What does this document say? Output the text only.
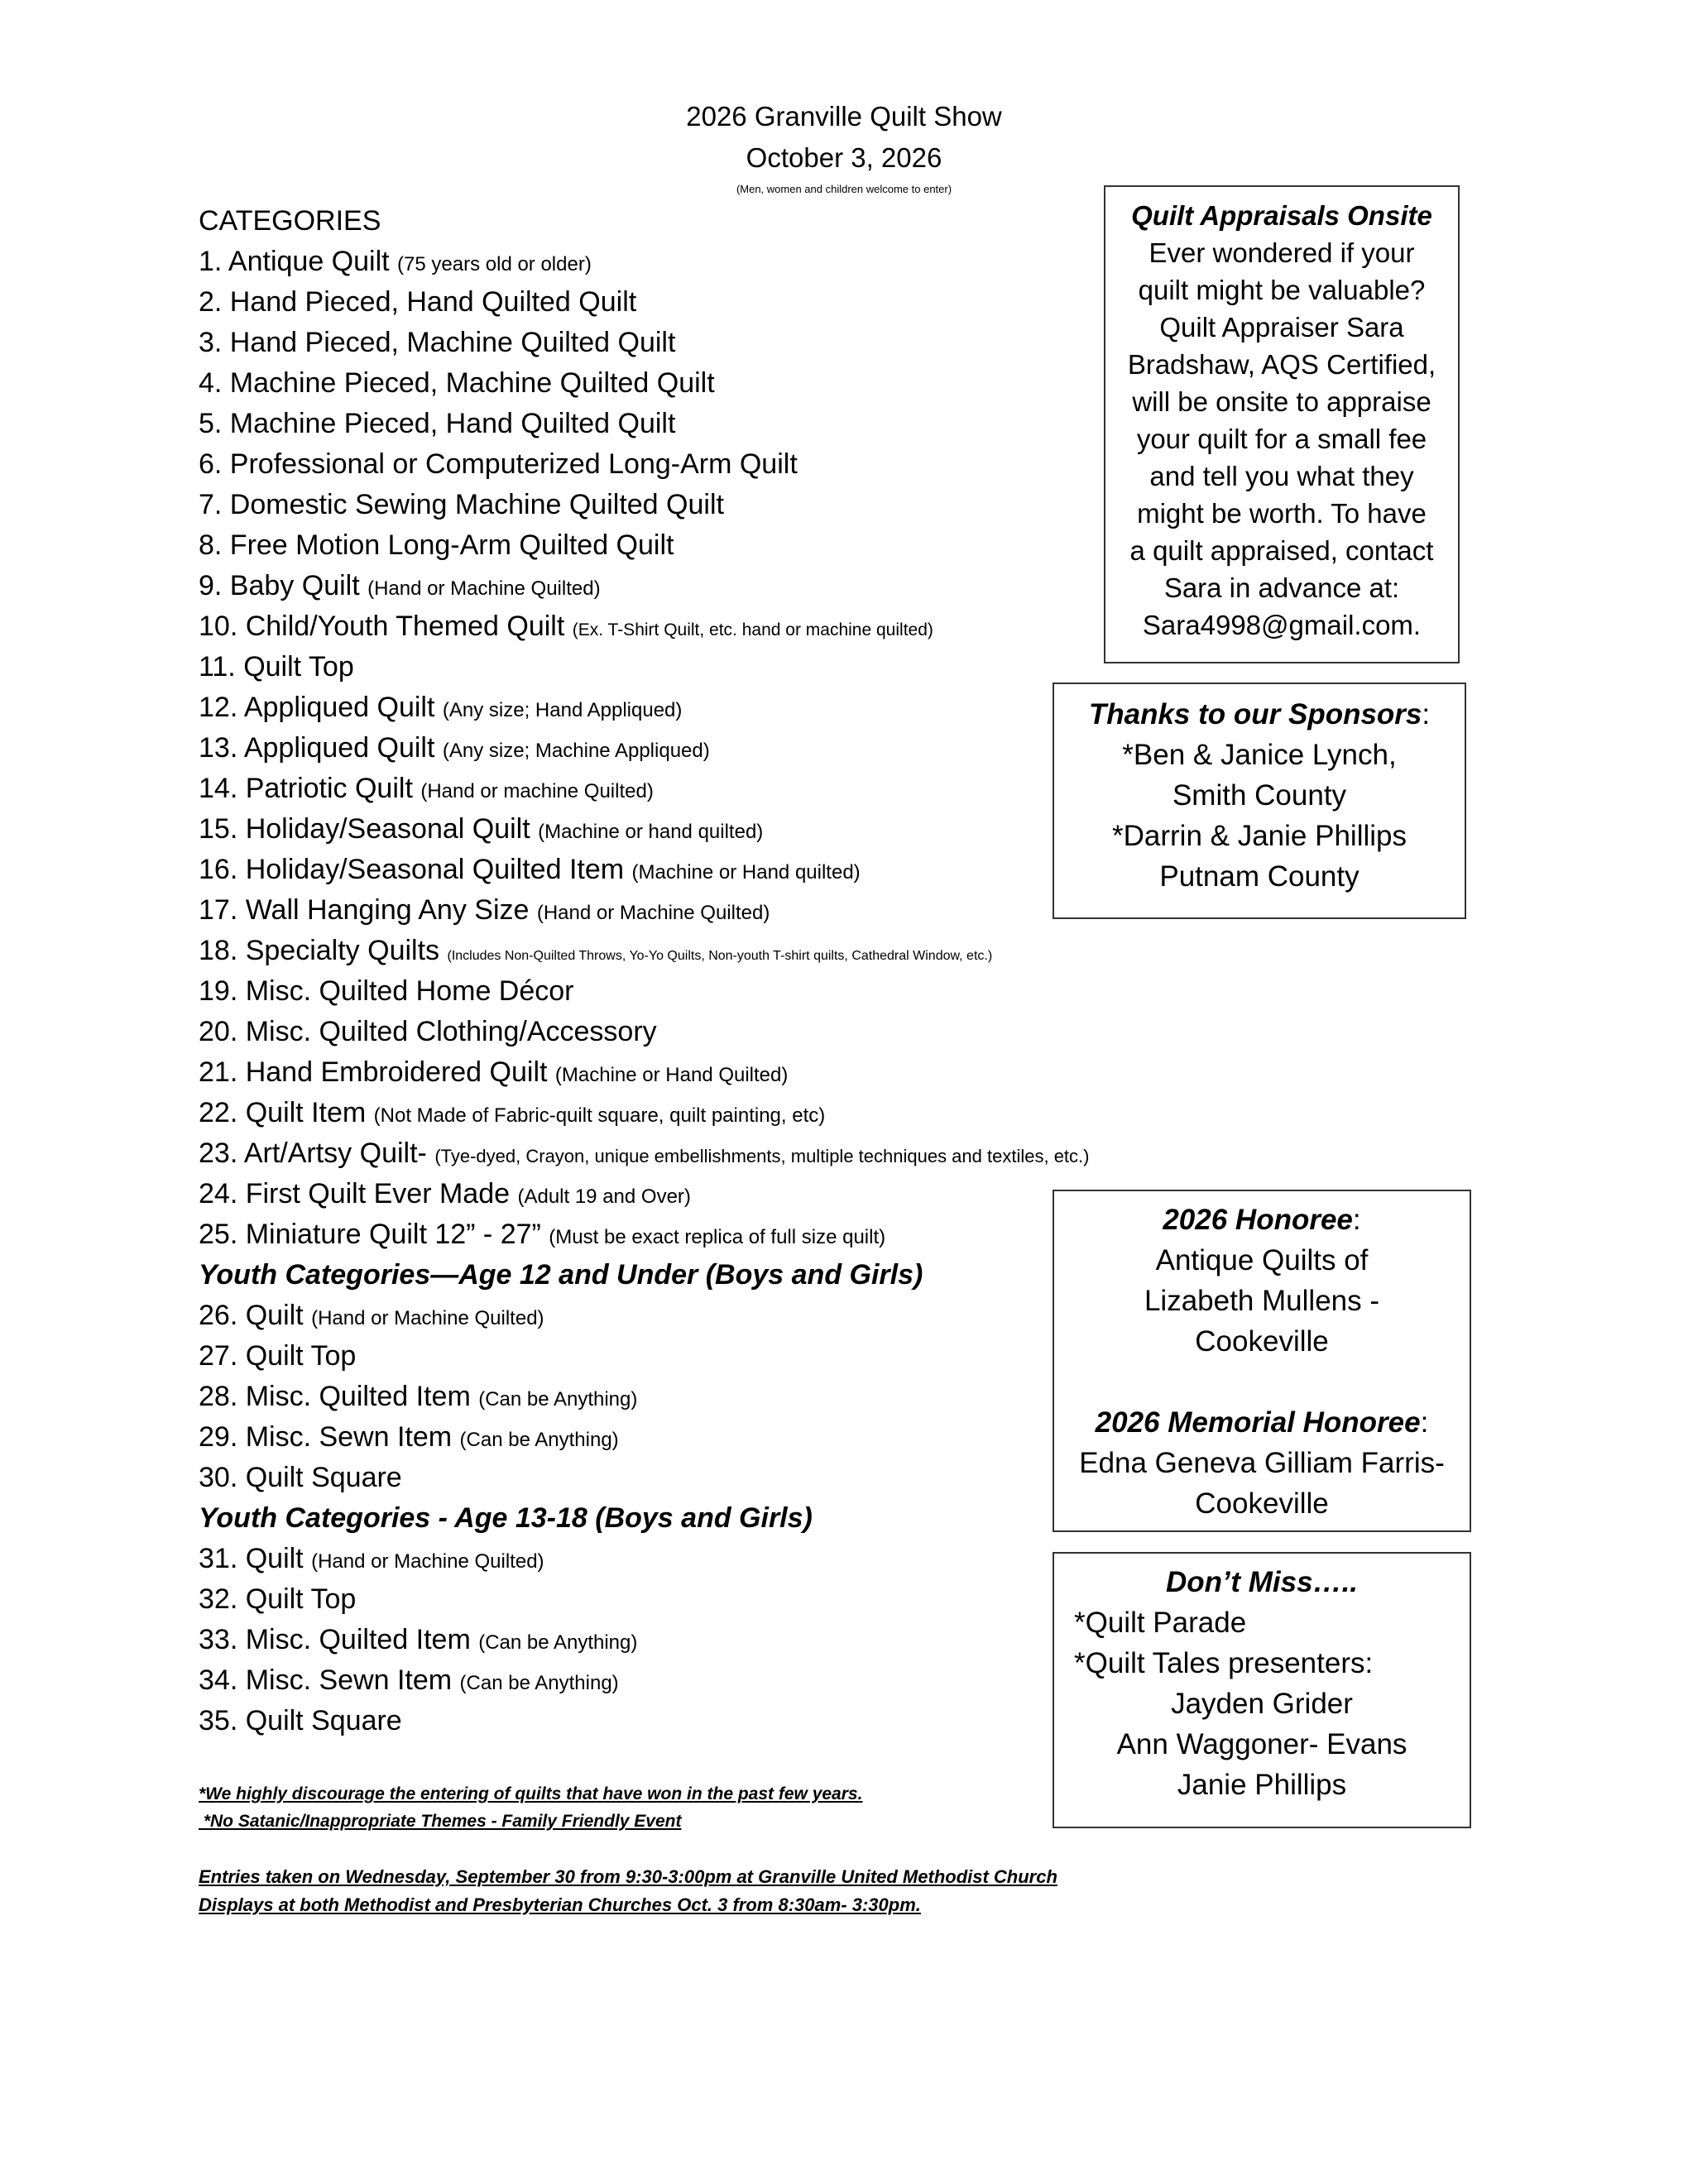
2026 Granville Quilt Show
October 3, 2026
(Men, women and children welcome to enter)
CATEGORIES
1. Antique Quilt (75 years old or older)
2. Hand Pieced, Hand Quilted Quilt
3. Hand Pieced, Machine Quilted Quilt
4. Machine Pieced, Machine Quilted Quilt
5. Machine Pieced, Hand Quilted Quilt
6. Professional or Computerized Long-Arm Quilt
7. Domestic Sewing Machine Quilted Quilt
8. Free Motion Long-Arm Quilted Quilt
9. Baby Quilt (Hand or Machine Quilted)
10. Child/Youth Themed Quilt (Ex. T-Shirt Quilt, etc. hand or machine quilted)
11. Quilt Top
12. Appliqued Quilt (Any size; Hand Appliqued)
13. Appliqued Quilt (Any size; Machine Appliqued)
14. Patriotic Quilt (Hand or machine Quilted)
15. Holiday/Seasonal Quilt (Machine or hand quilted)
16. Holiday/Seasonal Quilted Item (Machine or Hand quilted)
17. Wall Hanging Any Size (Hand or Machine Quilted)
18. Specialty Quilts (Includes Non-Quilted Throws, Yo-Yo Quilts, Non-youth T-shirt quilts, Cathedral Window, etc.)
19. Misc. Quilted Home Décor
20. Misc. Quilted Clothing/Accessory
21. Hand Embroidered Quilt (Machine or Hand Quilted)
22. Quilt Item (Not Made of Fabric-quilt square, quilt painting, etc)
23. Art/Artsy Quilt- (Tye-dyed, Crayon, unique embellishments, multiple techniques and textiles, etc.)
24. First Quilt Ever Made (Adult 19 and Over)
25. Miniature Quilt 12” - 27” (Must be exact replica of full size quilt)
Youth Categories—Age 12 and Under (Boys and Girls)
26. Quilt (Hand or Machine Quilted)
27. Quilt Top
28. Misc. Quilted Item (Can be Anything)
29. Misc. Sewn Item (Can be Anything)
30. Quilt Square
Youth Categories - Age 13-18 (Boys and Girls)
31. Quilt (Hand or Machine Quilted)
32. Quilt Top
33. Misc. Quilted Item (Can be Anything)
34. Misc. Sewn Item (Can be Anything)
35. Quilt Square
*We highly discourage the entering of quilts that have won in the past few years.
*No Satanic/Inappropriate Themes - Family Friendly Event
Entries taken on Wednesday, September 30 from 9:30-3:00pm at Granville United Methodist Church
Displays at both Methodist and Presbyterian Churches Oct. 3 from 8:30am- 3:30pm.
Quilt Appraisals Onsite
Ever wondered if your
quilt might be valuable?
Quilt Appraiser Sara
Bradshaw, AQS Certified,
will be onsite to appraise
your quilt for a small fee
and tell you what they
might be worth. To have
a quilt appraised, contact
Sara in advance at:
Sara4998@gmail.com.
Thanks to our Sponsors:
*Ben & Janice Lynch,
Smith County
*Darrin & Janie Phillips
Putnam County
2026 Honoree:
Antique Quilts of
Lizabeth Mullens -
Cookeville
2026 Memorial Honoree:
Edna Geneva Gilliam Farris-
Cookeville
Don’t Miss…..
*Quilt Parade
*Quilt Tales presenters:
Jayden Grider
Ann Waggoner- Evans
Janie Phillips
